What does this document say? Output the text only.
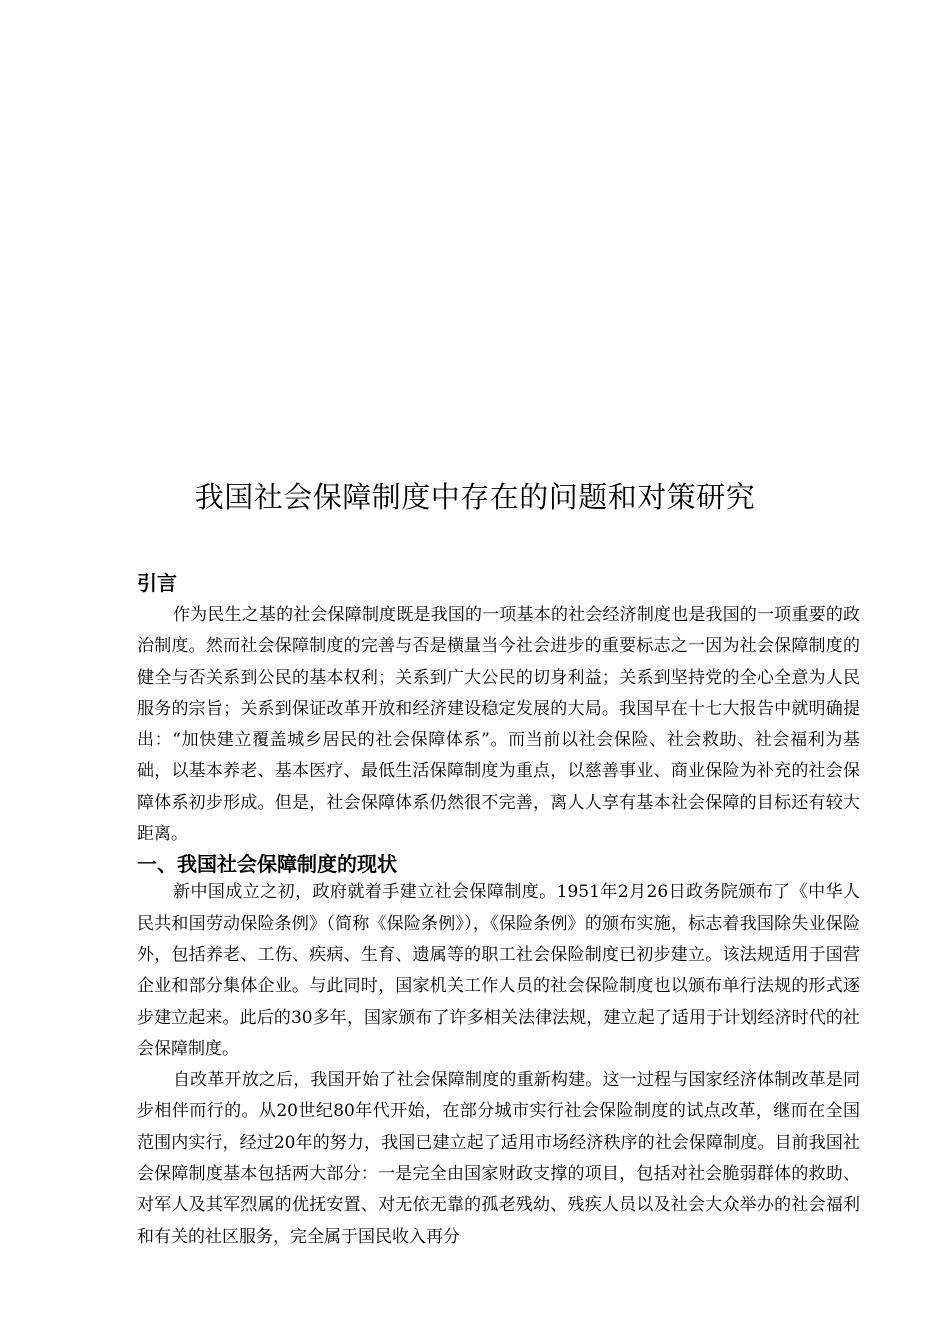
我国社会保障制度中存在的问题和对策研究
引言

作为民生之基的社会保障制度既是我国的一项基本的社会经济制度也是我国的一项重要的政治制度。然而社会保障制度的完善与否是横量当今社会进步的重要标志之一因为社会保障制度的健全与否关系到公民的基本权利；关系到广大公民的切身利益；关系到坚持党的全心全意为人民服务的宗旨；关系到保证改革开放和经济建设稳定发展的大局。我国早在十七大报告中就明确提出：“加快建立覆盖城乡居民的社会保障体系”。而当前以社会保险、社会救助、社会福利为基础，以基本养老、基本医疗、最低生活保障制度为重点，以慈善事业、商业保险为补充的社会保障体系初步形成。但是，社会保障体系仍然很不完善，离人人享有基本社会保障的目标还有较大距离。

一、我国社会保障制度的现状

新中国成立之初，政府就着手建立社会保障制度。1951年2月26日政务院颁布了《中华人民共和国劳动保险条例》（简称《保险条例》），《保险条例》的颁布实施，标志着我国除失业保险外，包括养老、工伤、疾病、生育、遗属等的职工社会保险制度已初步建立。该法规适用于国营企业和部分集体企业。与此同时，国家机关工作人员的社会保险制度也以颁布单行法规的形式逐步建立起来。此后的30多年，国家颁布了许多相关法律法规，建立起了适用于计划经济时代的社会保障制度。

自改革开放之后，我国开始了社会保障制度的重新构建。这一过程与国家经济体制改革是同步相伴而行的。从20世纪80年代开始，在部分城市实行社会保险制度的试点改革，继而在全国范围内实行，经过20年的努力，我国已建立起了适用市场经济秩序的社会保障制度。目前我国社会保障制度基本包括两大部分：一是完全由国家财政支撑的项目，包括对社会脆弱群体的救助、对军人及其军烈属的优抚安置、对无依无靠的孤老残幼、残疾人员以及社会大众举办的社会福利和有关的社区服务，完全属于国民收入再分
